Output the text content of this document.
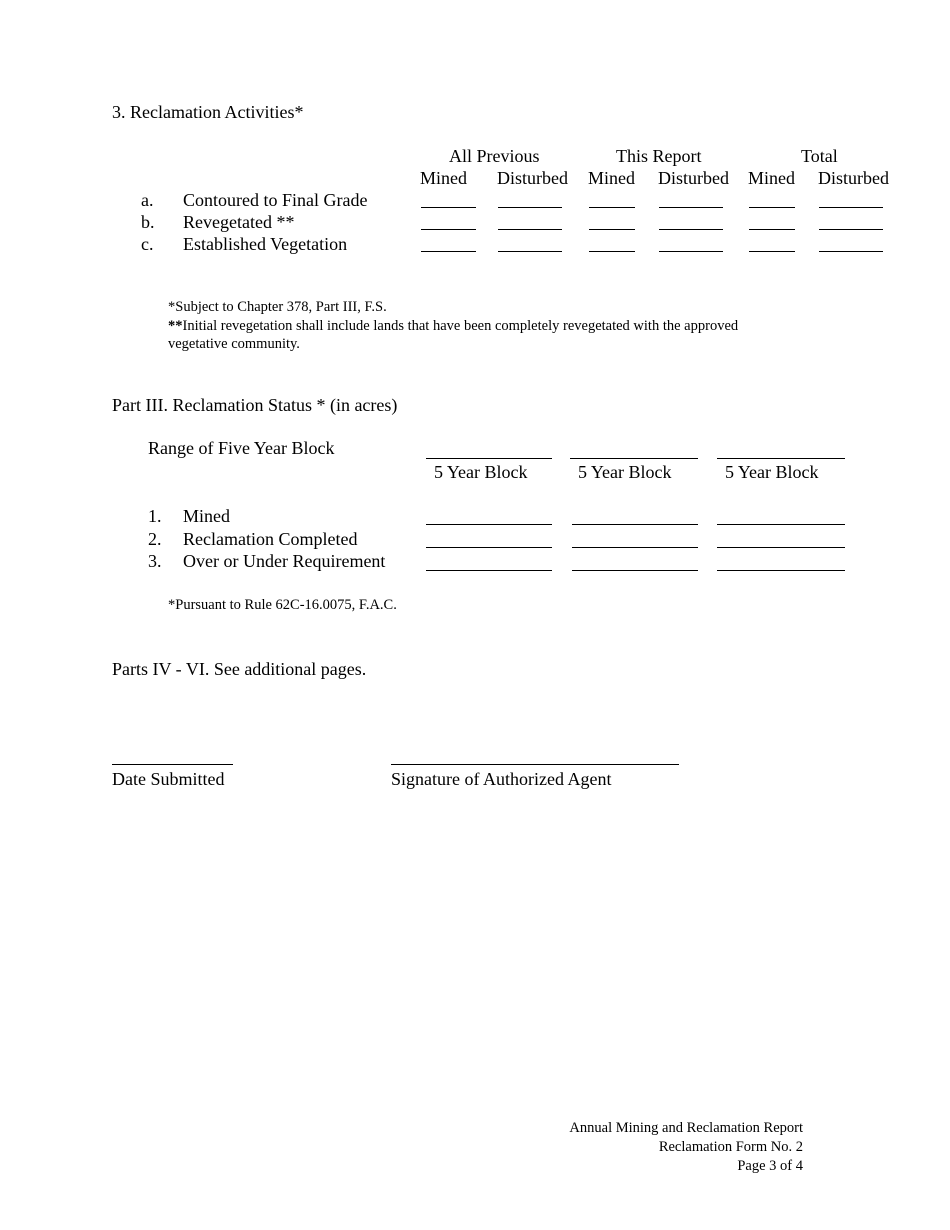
3. Reclamation Activities*
All Previous	This Report	Total
Mined Disturbed Mined Disturbed Mined Disturbed
a. Contoured to Final Grade
b. Revegetated **
c. Established Vegetation
*Subject to Chapter 378, Part III, F.S.
**Initial revegetation shall include lands that have been completely revegetated with the approved
vegetative community.
Part III. Reclamation Status * (in acres)
Range of Five Year Block
5 Year Block	5 Year Block	5 Year Block
1. Mined
2. Reclamation Completed
3. Over or Under Requirement
*Pursuant to Rule 62C-16.0075, F.A.C.
Parts IV - VI. See additional pages.
Date Submitted	Signature of Authorized Agent
Annual Mining and Reclamation Report
Reclamation Form No. 2
Page 3 of 4
